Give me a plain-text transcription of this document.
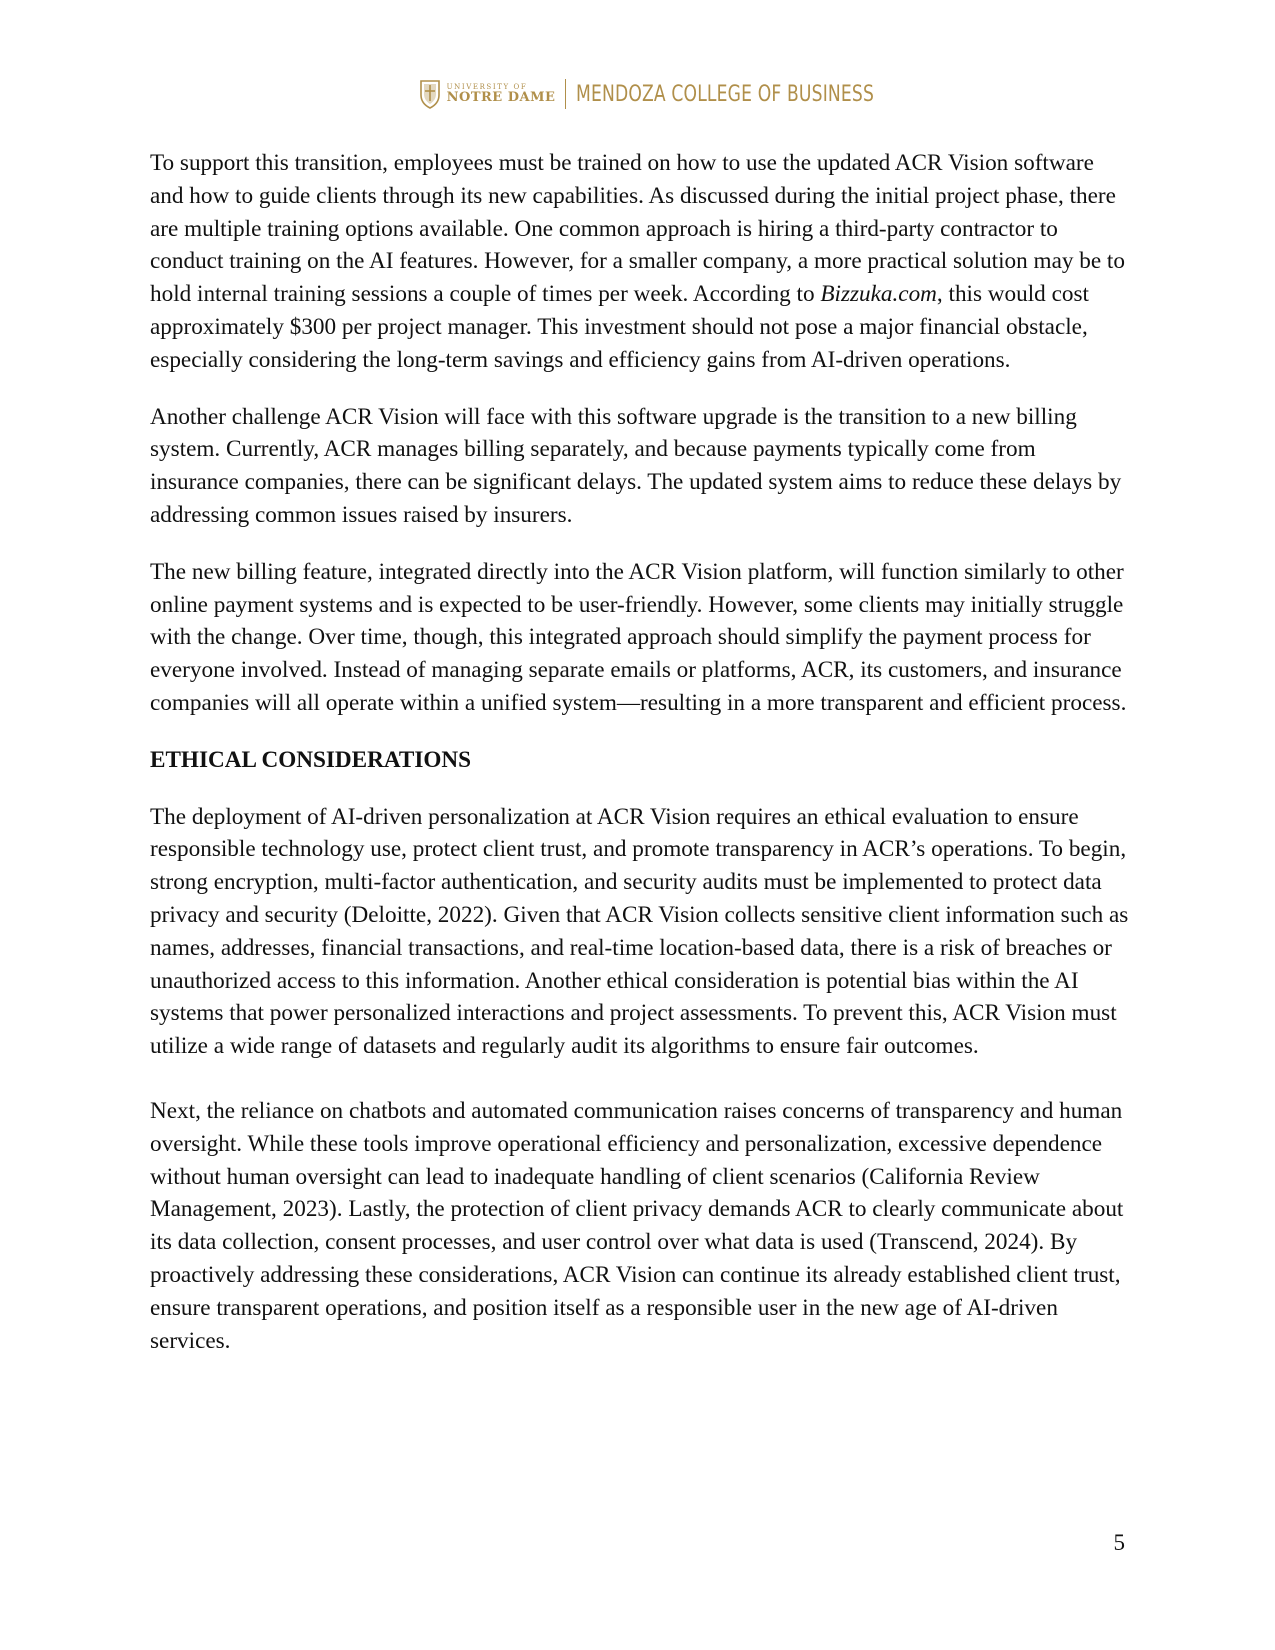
UNIVERSITY OF
NOTRE DAME MENDOZA COLLEGE OF BUSINESS

To support this transition, employees must be trained on how to use the updated ACR Vision software and how to guide clients through its new capabilities. As discussed during the initial project phase, there are multiple training options available. One common approach is hiring a third-party contractor to conduct training on the AI features. However, for a smaller company, a more practical solution may be to hold internal training sessions a couple of times per week. According to Bizzuka.com, this would cost approximately $300 per project manager. This investment should not pose a major financial obstacle, especially considering the long-term savings and efficiency gains from AI-driven operations.

Another challenge ACR Vision will face with this software upgrade is the transition to a new billing system. Currently, ACR manages billing separately, and because payments typically come from insurance companies, there can be significant delays. The updated system aims to reduce these delays by addressing common issues raised by insurers.

The new billing feature, integrated directly into the ACR Vision platform, will function similarly to other online payment systems and is expected to be user-friendly. However, some clients may initially struggle with the change. Over time, though, this integrated approach should simplify the payment process for everyone involved. Instead of managing separate emails or platforms, ACR, its customers, and insurance companies will all operate within a unified system—resulting in a more transparent and efficient process.

ETHICAL CONSIDERATIONS

The deployment of AI-driven personalization at ACR Vision requires an ethical evaluation to ensure responsible technology use, protect client trust, and promote transparency in ACR’s operations. To begin, strong encryption, multi-factor authentication, and security audits must be implemented to protect data privacy and security (Deloitte, 2022). Given that ACR Vision collects sensitive client information such as names, addresses, financial transactions, and real-time location-based data, there is a risk of breaches or unauthorized access to this information. Another ethical consideration is potential bias within the AI systems that power personalized interactions and project assessments. To prevent this, ACR Vision must utilize a wide range of datasets and regularly audit its algorithms to ensure fair outcomes.

Next, the reliance on chatbots and automated communication raises concerns of transparency and human oversight. While these tools improve operational efficiency and personalization, excessive dependence without human oversight can lead to inadequate handling of client scenarios (California Review Management, 2023). Lastly, the protection of client privacy demands ACR to clearly communicate about its data collection, consent processes, and user control over what data is used (Transcend, 2024). By proactively addressing these considerations, ACR Vision can continue its already established client trust, ensure transparent operations, and position itself as a responsible user in the new age of AI-driven services.

5
